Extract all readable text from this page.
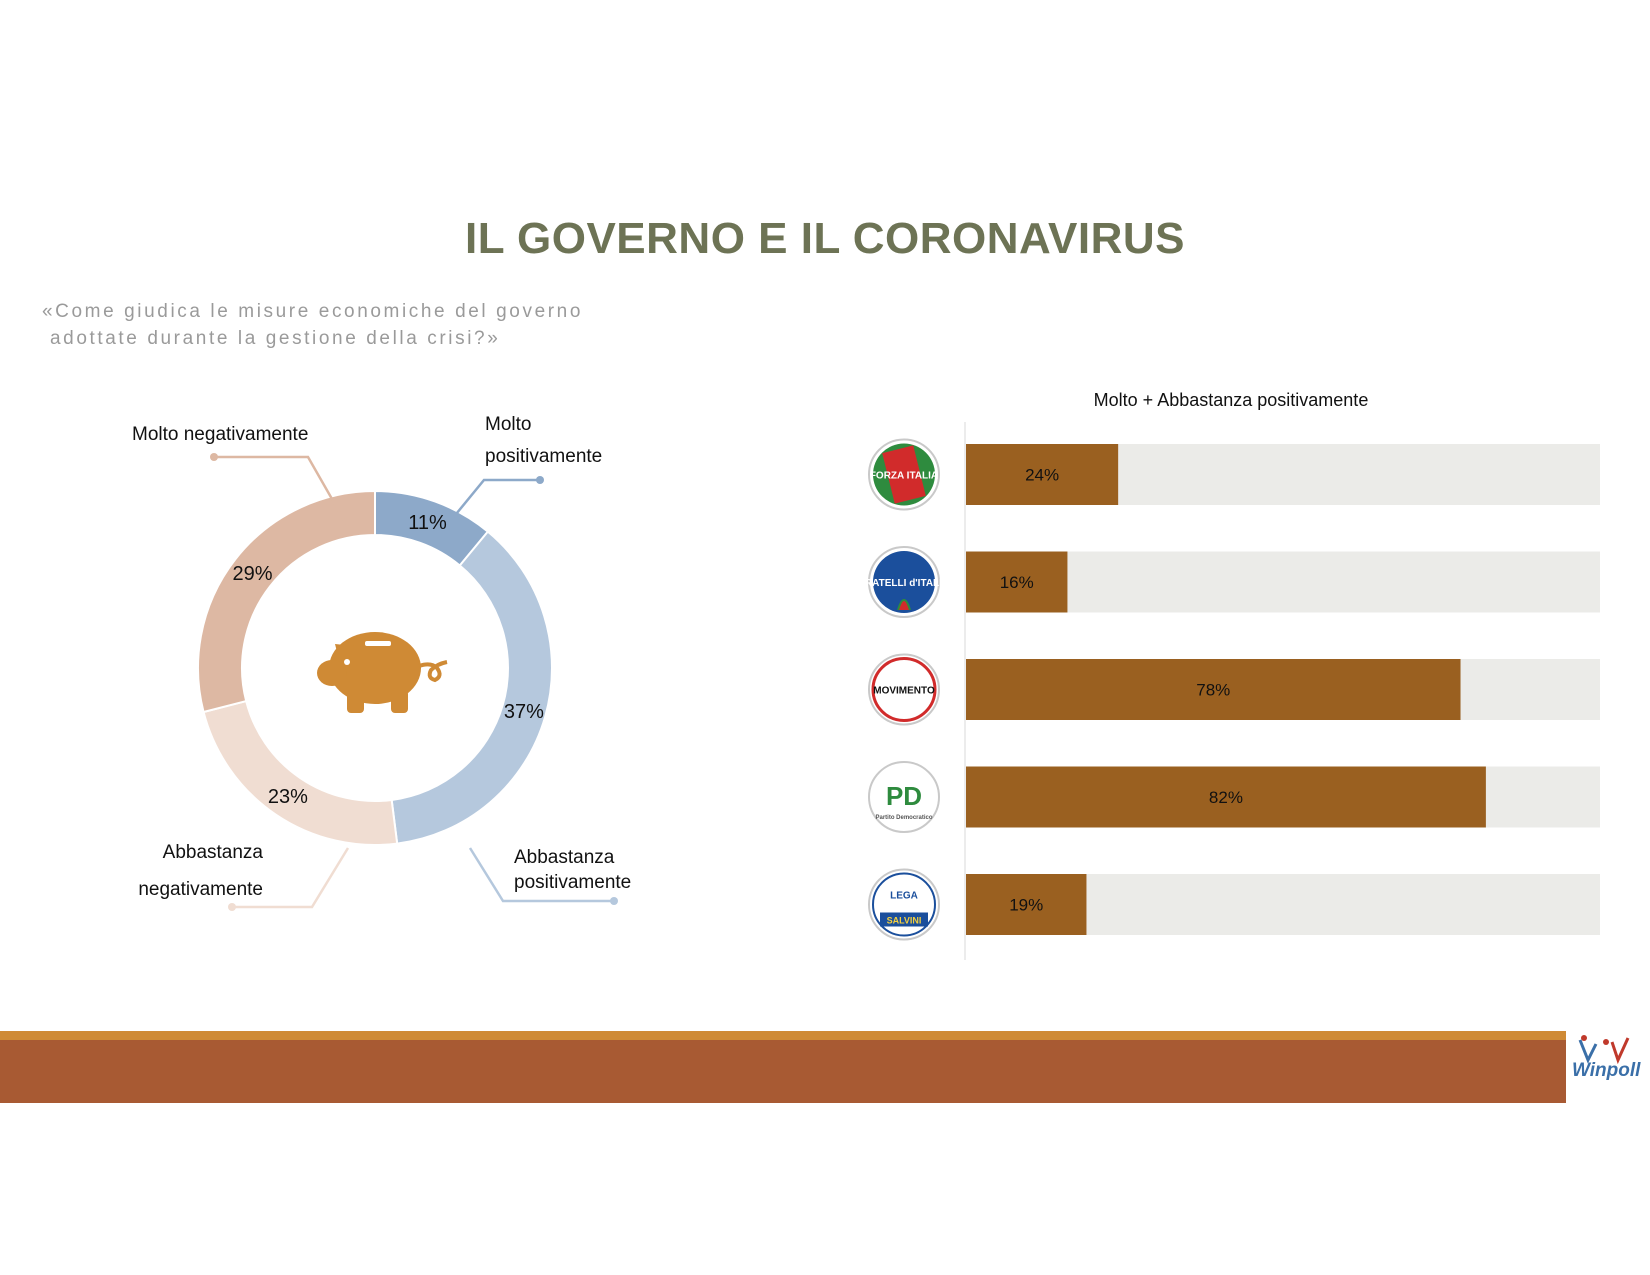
IL GOVERNO E IL CORONAVIRUS
«Come giudica le misure economiche del governo
adottate durante la gestione della crisi?»
11%
37%
23%
29%
Molto
positivamente
Abbastanza
positivamente
Abbastanza
negativamente
Molto negativamente
Molto + Abbastanza positivamente
24%
FORZA ITALIA
16%
FRATELLI d'ITALIA
78%
MOVIMENTO
82%
PD
Partito Democratico
19%
LEGA
SALVINI
Winpoll
